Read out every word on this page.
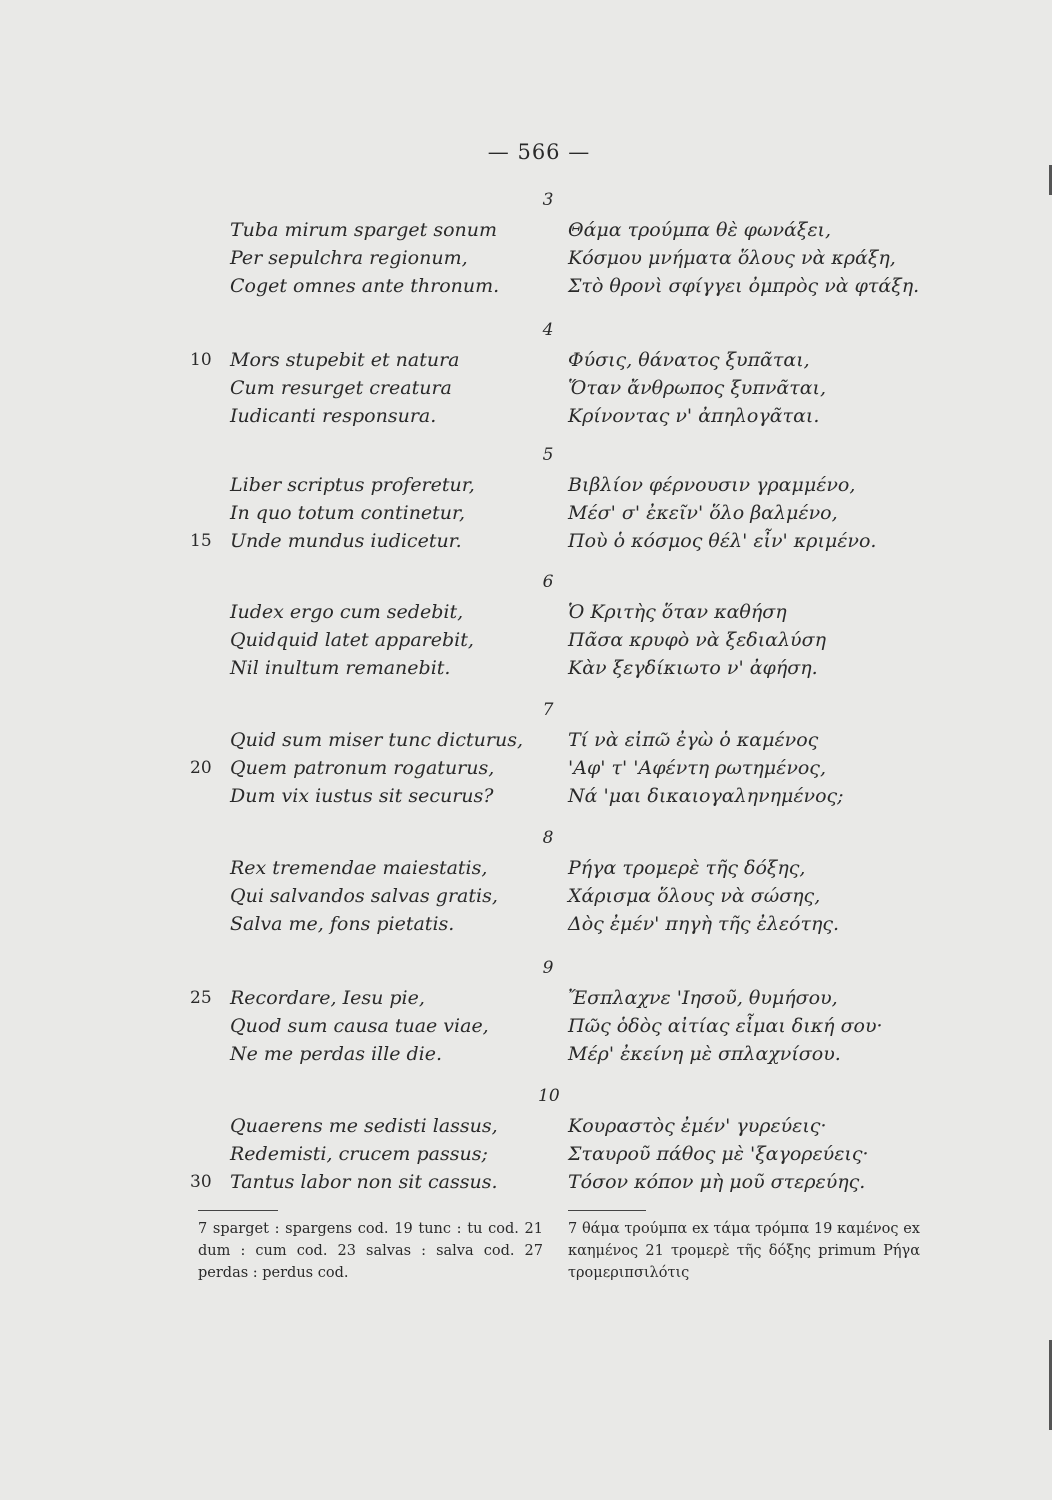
— 566 —
3
Tuba mirum sparget sonum
Per sepulchra regionum,
Coget omnes ante thronum.
Θάμα τρούμπα θὲ φωνάξει,
Κόσμου μνήματα ὅλους νὰ κράξη,
Στὸ θρονὶ σφίγγει ὀμπρὸς νὰ φτάξη.
4
10 Mors stupebit et natura
Cum resurget creatura
Iudicanti responsura.
Φύσις, θάνατος ξυπᾶται,
Ὅταν ἄνθρωπος ξυπνᾶται,
Κρίνοντας ν' ἀπηλογᾶται.
5
Liber scriptus proferetur,
In quo totum continetur,
15 Unde mundus iudicetur.
Βιβλίον φέρνουσιν γραμμένο,
Μέσ' σ' ἐκεῖν' ὅλο βαλμένο,
Ποὺ ὁ κόσμος θέλ' εἶν' κριμένο.
6
Iudex ergo cum sedebit,
Quidquid latet apparebit,
Nil inultum remanebit.
Ὁ Κριτὴς ὅταν καθήση
Πᾶσα κρυφὸ νὰ ξεδιαλύση
Κὰν ξεγδίκιωτο ν' ἀφήση.
7
Quid sum miser tunc dicturus,
20 Quem patronum rogaturus,
Dum vix iustus sit securus?
Τί νὰ εἰπῶ ἐγὼ ὁ καμένος
'Αφ' τ' 'Αφέντη ρωτημένος,
Νά 'μαι δικαιογαληνημένος;
8
Rex tremendae maiestatis,
Qui salvandos salvas gratis,
Salva me, fons pietatis.
Ρήγα τρομερὲ τῆς δόξης,
Χάρισμα ὅλους νὰ σώσης,
Δὸς ἐμέν' πηγὴ τῆς ἐλεότης.
9
25 Recordare, Iesu pie,
Quod sum causa tuae viae,
Ne me perdas ille die.
Ἔσπλαχνε 'Ιησοῦ, θυμήσου,
Πῶς ὁδὸς αἰτίας εἶμαι δική σου·
Μέρ' ἐκείνη μὲ σπλαχνίσου.
10
Quaerens me sedisti lassus,
Redemisti, crucem passus;
30 Tantus labor non sit cassus.
Κουραστὸς ἐμέν' γυρεύεις·
Σταυροῦ πάθος μὲ 'ξαγορεύεις·
Τόσον κόπον μὴ μοῦ στερεύης.
7 sparget : spargens cod. 19 tunc : tu cod. 21 dum : cum cod. 23 salvas : salva cod. 27 perdas : perdus cod.
7 θάμα τρούμπα ex τάμα τρόμπα 19 καμένος ex καημένος 21 τρομερὲ τῆς δόξης primum Ρήγα τρομεριπσιλότις
